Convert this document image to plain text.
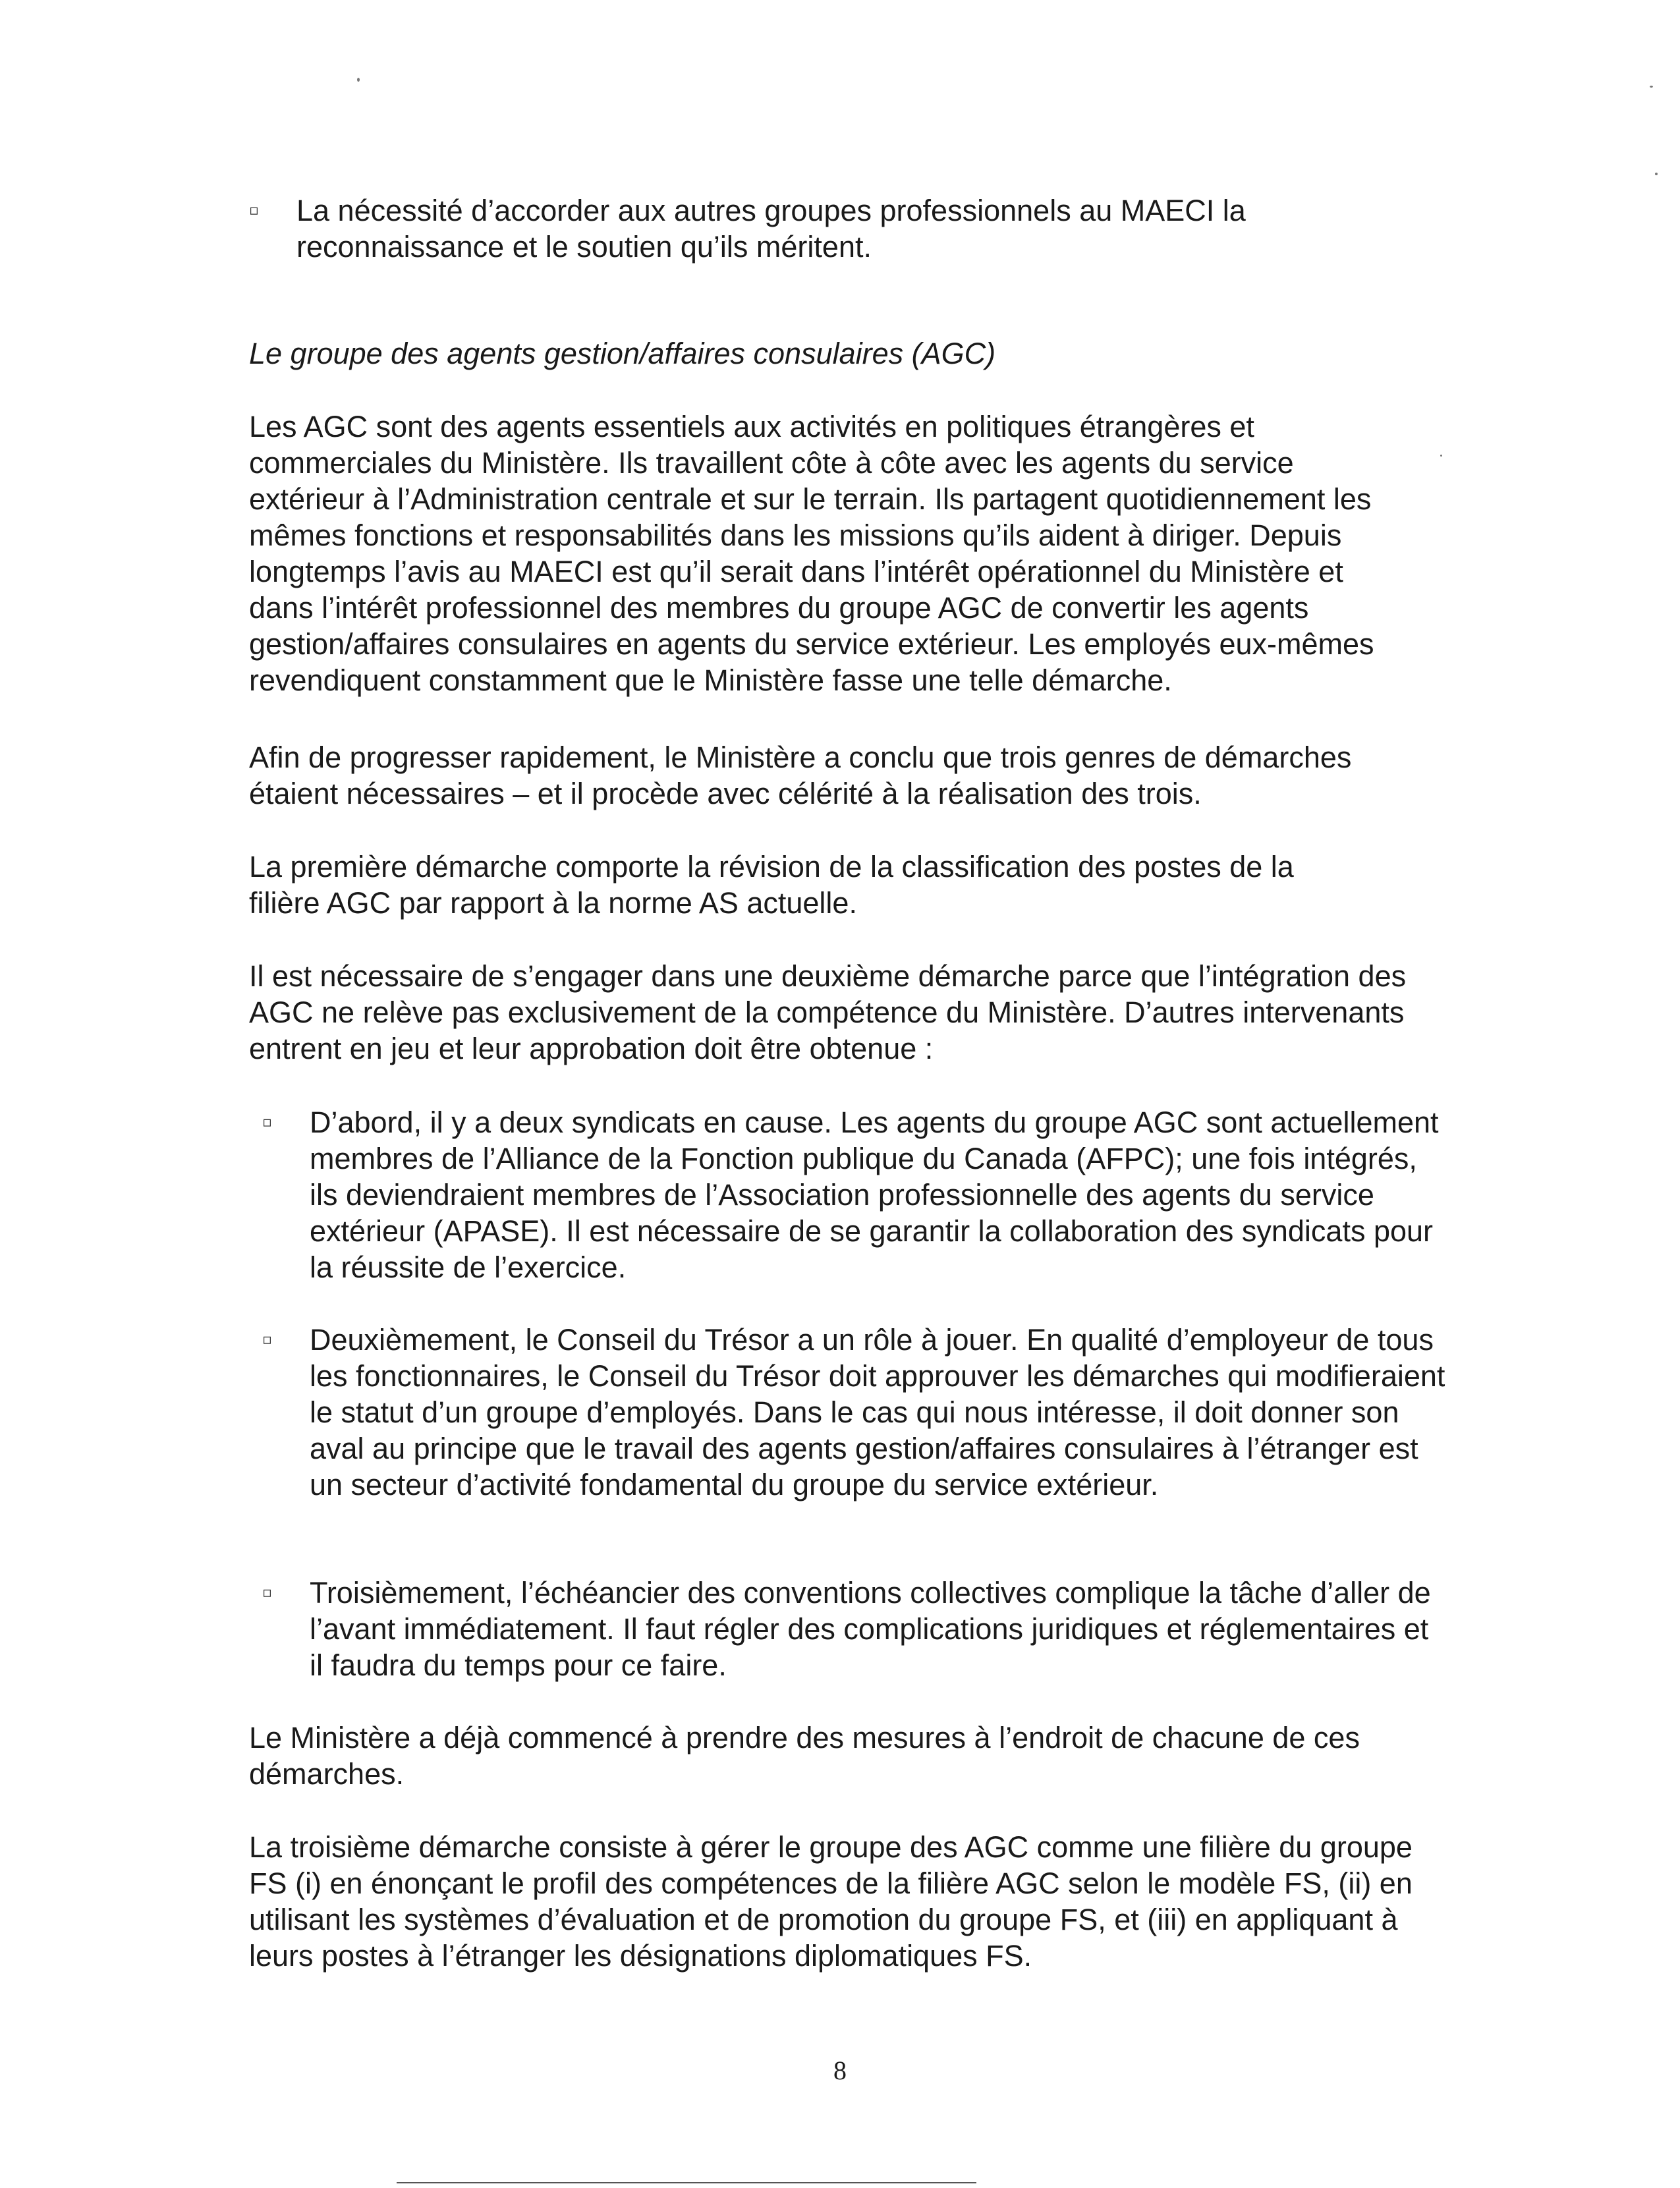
▫	La nécessité d’accorder aux autres groupes professionnels au MAECI la reconnaissance et le soutien qu’ils méritent.

Le groupe des agents gestion/affaires consulaires (AGC)

Les AGC sont des agents essentiels aux activités en politiques étrangères et commerciales du Ministère. Ils travaillent côte à côte avec les agents du service extérieur à l’Administration centrale et sur le terrain. Ils partagent quotidiennement les mêmes fonctions et responsabilités dans les missions qu’ils aident à diriger. Depuis longtemps l’avis au MAECI est qu’il serait dans l’intérêt opérationnel du Ministère et dans l’intérêt professionnel des membres du groupe AGC de convertir les agents gestion/affaires consulaires en agents du service extérieur. Les employés eux-mêmes revendiquent constamment que le Ministère fasse une telle démarche.

Afin de progresser rapidement, le Ministère a conclu que trois genres de démarches étaient nécessaires – et il procède avec célérité à la réalisation des trois.

La première démarche comporte la révision de la classification des postes de la filière AGC par rapport à la norme AS actuelle.

Il est nécessaire de s’engager dans une deuxième démarche parce que l’intégration des AGC ne relève pas exclusivement de la compétence du Ministère. D’autres intervenants entrent en jeu et leur approbation doit être obtenue :

▫	D’abord, il y a deux syndicats en cause. Les agents du groupe AGC sont actuellement membres de l’Alliance de la Fonction publique du Canada (AFPC); une fois intégrés, ils deviendraient membres de l’Association professionnelle des agents du service extérieur (APASE). Il est nécessaire de se garantir la collaboration des syndicats pour la réussite de l’exercice.

▫	Deuxièmement, le Conseil du Trésor a un rôle à jouer. En qualité d’employeur de tous les fonctionnaires, le Conseil du Trésor doit approuver les démarches qui modifieraient le statut d’un groupe d’employés. Dans le cas qui nous intéresse, il doit donner son aval au principe que le travail des agents gestion/affaires consulaires à l’étranger est un secteur d’activité fondamental du groupe du service extérieur.

▫	Troisièmement, l’échéancier des conventions collectives complique la tâche d’aller de l’avant immédiatement. Il faut régler des complications juridiques et réglementaires et il faudra du temps pour ce faire.

Le Ministère a déjà commencé à prendre des mesures à l’endroit de chacune de ces démarches.

La troisième démarche consiste à gérer le groupe des AGC comme une filière du groupe FS (i) en énonçant le profil des compétences de la filière AGC selon le modèle FS, (ii) en utilisant les systèmes d’évaluation et de promotion du groupe FS, et (iii) en appliquant à leurs postes à l’étranger les désignations diplomatiques FS.

8
